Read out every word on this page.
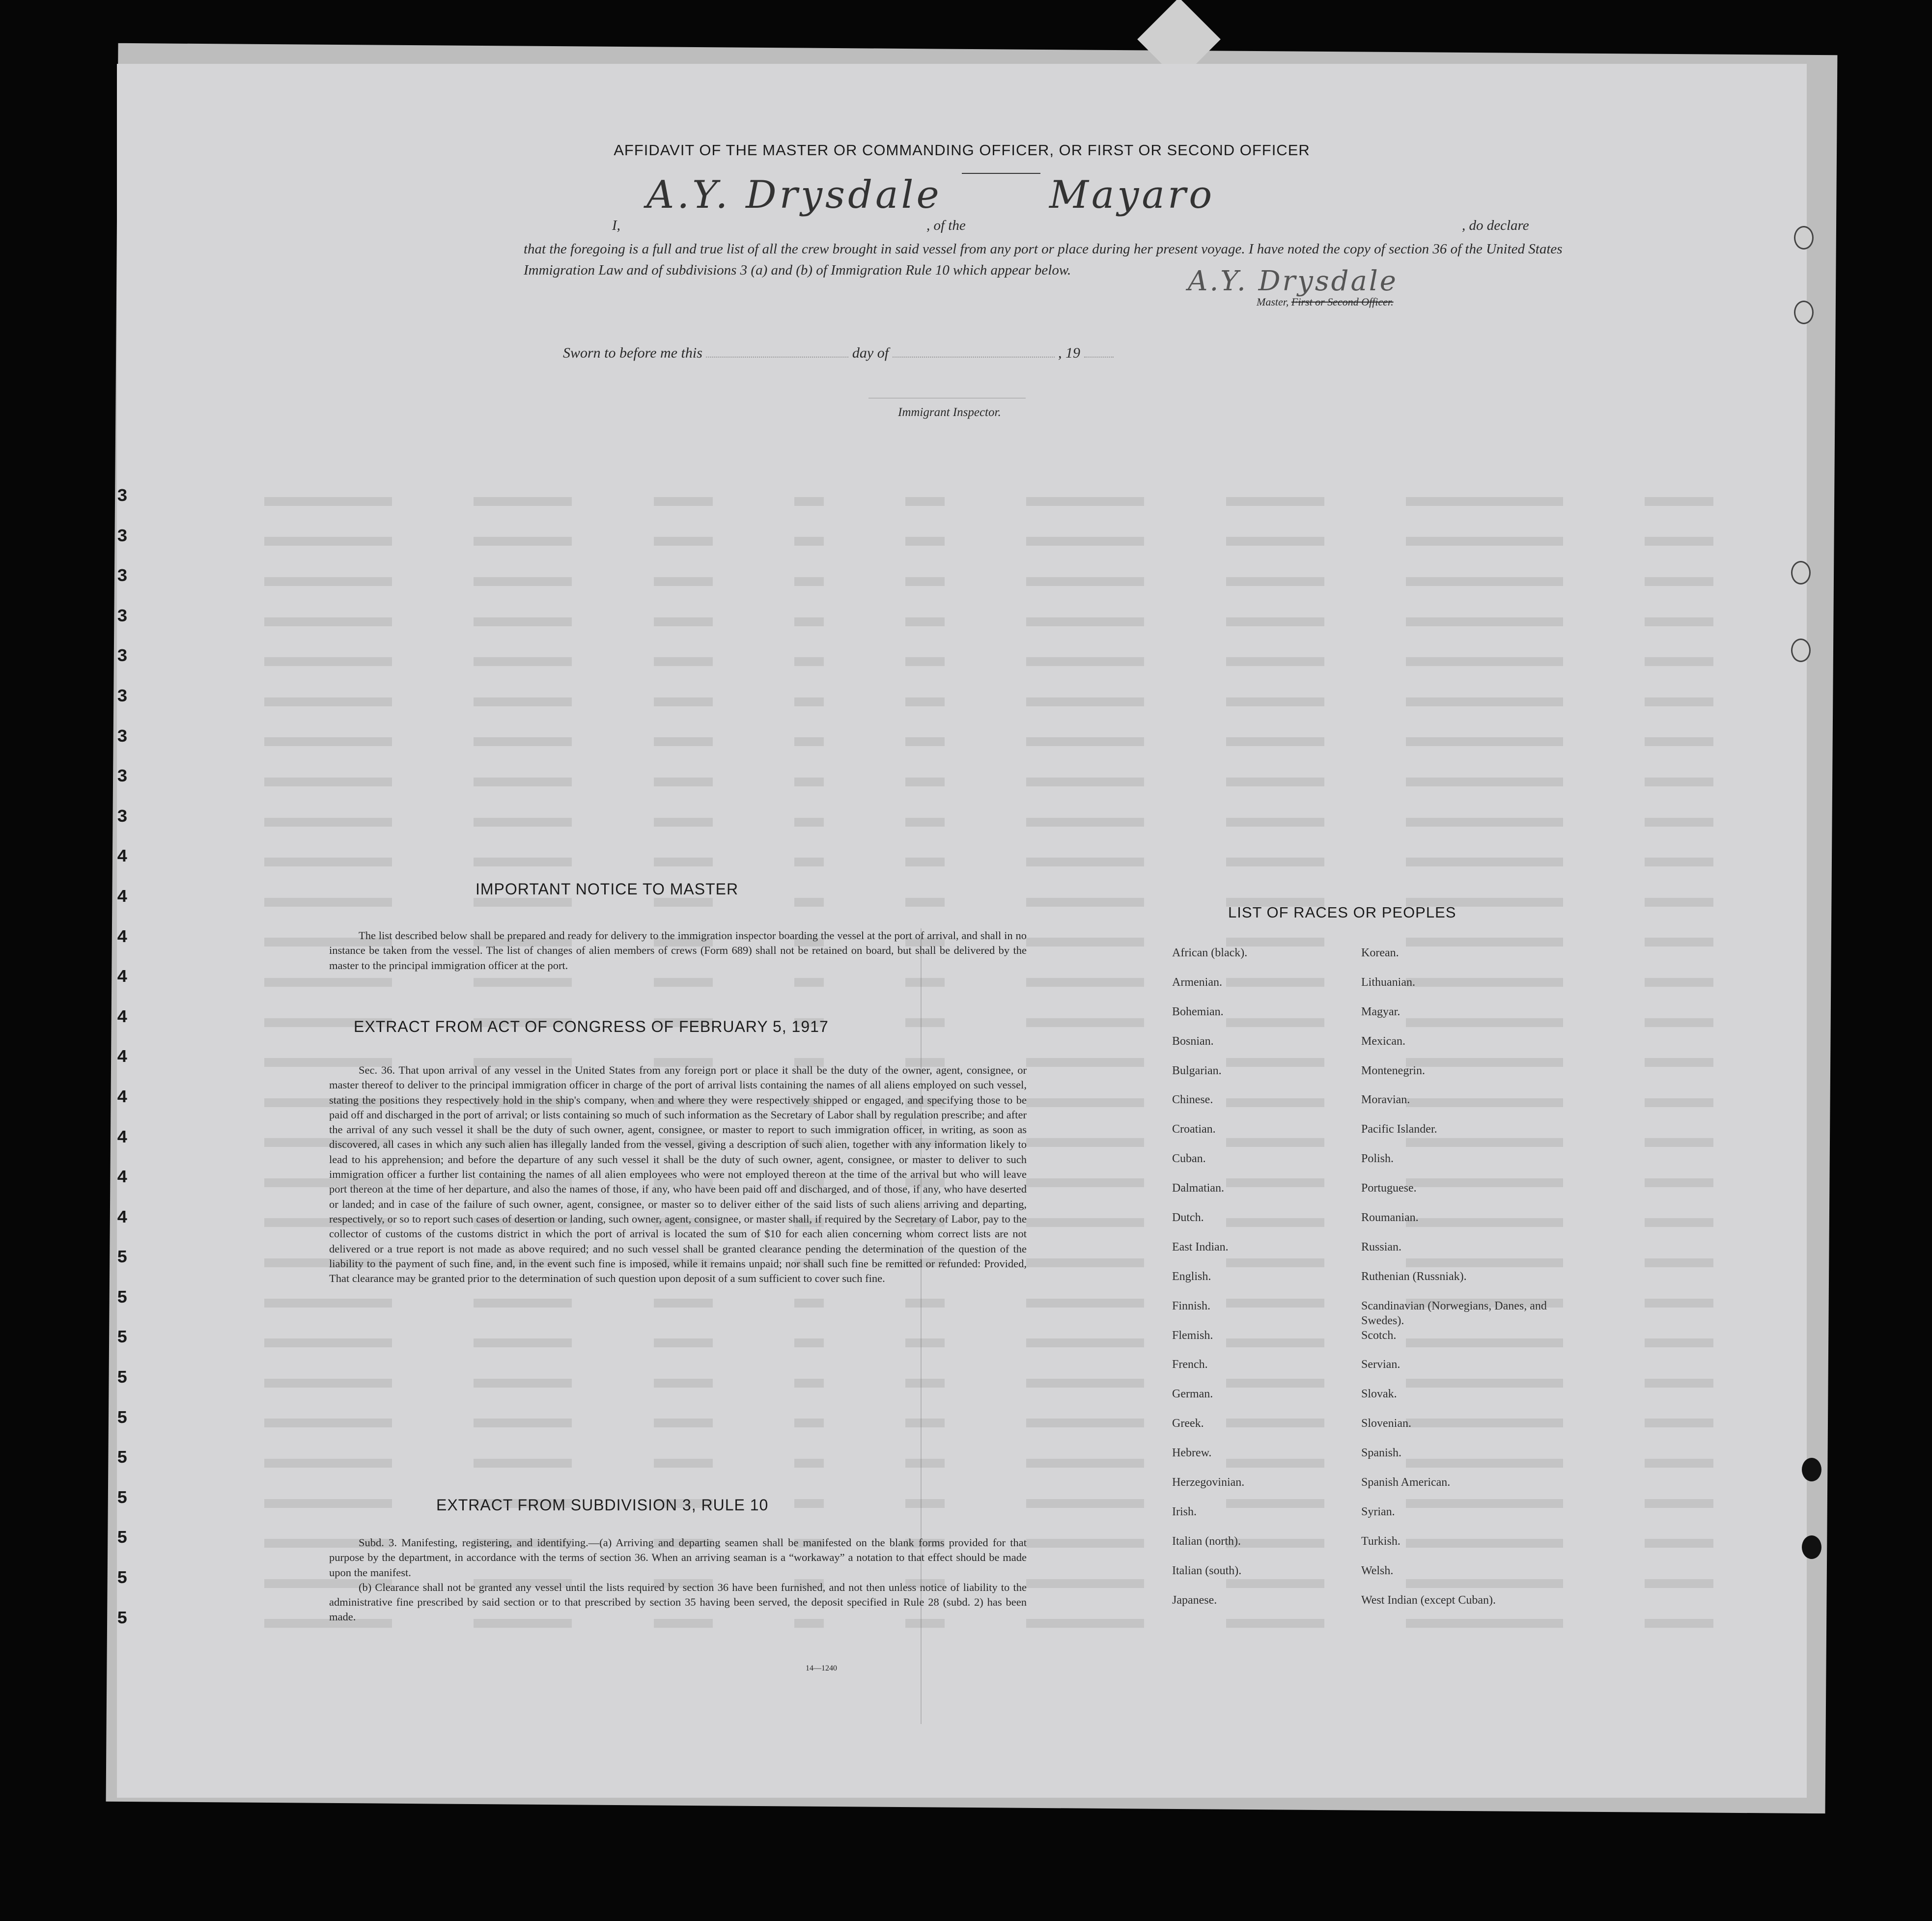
3
3
3
3
3
3
3
3
3
4
4
4
4
4
4
4
4
4
4
5
5
5
5
5
5
5
5
5
5
AFFIDAVIT OF THE MASTER OR COMMANDING OFFICER, OR FIRST OR SECOND OFFICER
I,
A.Y. Drysdale
, of the
Mayaro
, do declare
that the foregoing is a full and true list of all the crew brought in said vessel from any port or place during her present voyage. I have noted the copy of section 36 of the United States Immigration Law and of subdivisions 3 (a) and (b) of Immigration Rule 10 which appear below.	A.Y. Drysdale
Master, First or Second Officer.
Sworn to before me this	day of	, 19
Immigrant Inspector.
IMPORTANT NOTICE TO MASTER

The list described below shall be prepared and ready for delivery to the immigration inspector boarding the vessel at the port of arrival, and shall in no instance be taken from the vessel. The list of changes of alien members of crews (Form 689) shall not be retained on board, but shall be delivered by the master to the principal immigration officer at the port.

EXTRACT FROM ACT OF CONGRESS OF FEBRUARY 5, 1917

Sec. 36. That upon arrival of any vessel in the United States from any foreign port or place it shall be the duty of the owner, agent, consignee, or master thereof to deliver to the principal immigration officer in charge of the port of arrival lists containing the names of all aliens employed on such vessel, stating the positions they respectively hold in the ship's company, when and where they were respectively shipped or engaged, and specifying those to be paid off and discharged in the port of arrival; or lists containing so much of such information as the Secretary of Labor shall by regulation prescribe; and after the arrival of any such vessel it shall be the duty of such owner, agent, consignee, or master to report to such immigration officer, in writing, as soon as discovered, all cases in which any such alien has illegally landed from the vessel, giving a description of such alien, together with any information likely to lead to his apprehension; and before the departure of any such vessel it shall be the duty of such owner, agent, consignee, or master to deliver to such immigration officer a further list containing the names of all alien employees who were not employed thereon at the time of the arrival but who will leave port thereon at the time of her departure, and also the names of those, if any, who have been paid off and discharged, and of those, if any, who have deserted or landed; and in case of the failure of such owner, agent, consignee, or master so to deliver either of the said lists of such aliens arriving and departing, respectively, or so to report such cases of desertion or landing, such owner, agent, consignee, or master shall, if required by the Secretary of Labor, pay to the collector of customs of the customs district in which the port of arrival is located the sum of $10 for each alien concerning whom correct lists are not delivered or a true report is not made as above required; and no such vessel shall be granted clearance pending the determination of the question of the liability to the payment of such fine, and, in the event such fine is imposed, while it remains unpaid; nor shall such fine be remitted or refunded: Provided, That clearance may be granted prior to the determination of such question upon deposit of a sum sufficient to cover such fine.

EXTRACT FROM SUBDIVISION 3, RULE 10

Subd. 3. Manifesting, registering, and identifying.—(a) Arriving and departing seamen shall be manifested on the blank forms provided for that purpose by the department, in accordance with the terms of section 36. When an arriving seaman is a “workaway” a notation to that effect should be made upon the manifest.

(b) Clearance shall not be granted any vessel until the lists required by section 36 have been furnished, and not then unless notice of liability to the administrative fine prescribed by said section or to that prescribed by section 35 having been served, the deposit specified in Rule 28 (subd. 2) has been made.

14—1240
LIST OF RACES OR PEOPLES
African (black).
Armenian.
Bohemian.
Bosnian.
Bulgarian.
Chinese.
Croatian.
Cuban.
Dalmatian.
Dutch.
East Indian.
English.
Finnish.
Flemish.
French.
German.
Greek.
Hebrew.
Herzegovinian.
Irish.
Italian (north).
Italian (south).
Japanese.
Korean.
Lithuanian.
Magyar.
Mexican.
Montenegrin.
Moravian.
Pacific Islander.
Polish.
Portuguese.
Roumanian.
Russian.
Ruthenian (Russniak).
Scandinavian (Norwegians, Danes, and Swedes).
Scotch.
Servian.
Slovak.
Slovenian.
Spanish.
Spanish American.
Syrian.
Turkish.
Welsh.
West Indian (except Cuban).
